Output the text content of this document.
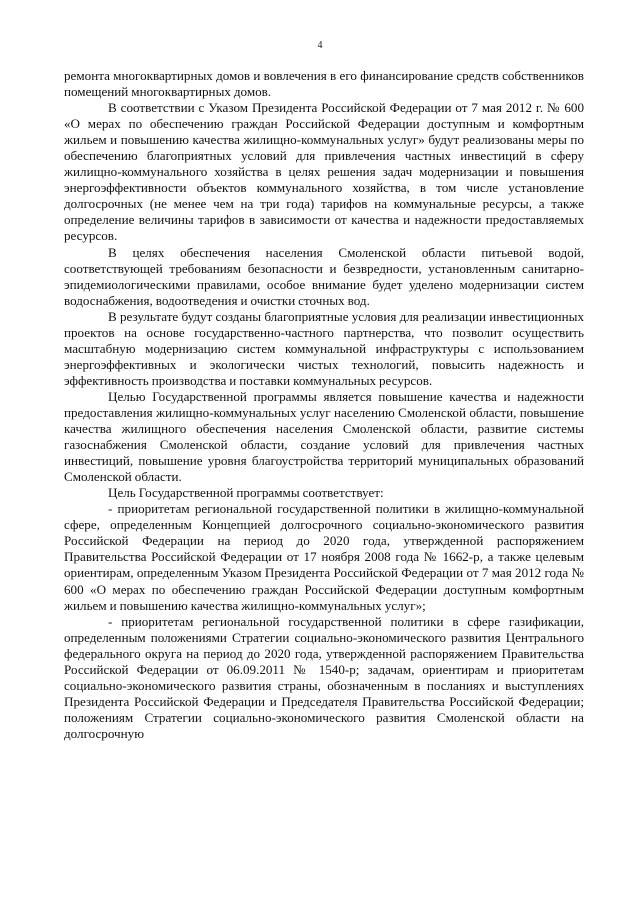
4

ремонта многоквартирных домов и вовлечения в его финансирование средств собственников помещений многоквартирных домов.

В соответствии с Указом Президента Российской Федерации от 7 мая 2012 г. № 600 «О мерах по обеспечению граждан Российской Федерации доступным и комфортным жильем и повышению качества жилищно-коммунальных услуг» будут реализованы меры по обеспечению благоприятных условий для привлечения частных инвестиций в сферу жилищно-коммунального хозяйства в целях решения задач модернизации и повышения энергоэффективности объектов коммунального хозяйства, в том числе установление долгосрочных (не менее чем на три года) тарифов на коммунальные ресурсы, а также определение величины тарифов в зависимости от качества и надежности предоставляемых ресурсов.

В целях обеспечения населения Смоленской области питьевой водой, соответствующей требованиям безопасности и безвредности, установленным санитарно-эпидемиологическими правилами, особое внимание будет уделено модернизации систем водоснабжения, водоотведения и очистки сточных вод.

В результате будут созданы благоприятные условия для реализации инвестиционных проектов на основе государственно-частного партнерства, что позволит осуществить масштабную модернизацию систем коммунальной инфраструктуры с использованием энергоэффективных и экологически чистых технологий, повысить надежность и эффективность производства и поставки коммунальных ресурсов.

Целью Государственной программы является повышение качества и надежности предоставления жилищно-коммунальных услуг населению Смоленской области, повышение качества жилищного обеспечения населения Смоленской области, развитие системы газоснабжения Смоленской области, создание условий для привлечения частных инвестиций, повышение уровня благоустройства территорий муниципальных образований Смоленской области.

Цель Государственной программы соответствует:

- приоритетам региональной государственной политики в жилищно-коммунальной сфере, определенным Концепцией долгосрочного социально-экономического развития Российской Федерации на период до 2020 года, утвержденной распоряжением Правительства Российской Федерации от 17 ноября 2008 года № 1662-р, а также целевым ориентирам, определенным Указом Президента Российской Федерации от 7 мая 2012 года № 600 «О мерах по обеспечению граждан Российской Федерации доступным комфортным жильем и повышению качества жилищно-коммунальных услуг»;

- приоритетам региональной государственной политики в сфере газификации, определенным положениями Стратегии социально-экономического развития Центрального федерального округа на период до 2020 года, утвержденной распоряжением Правительства Российской Федерации от 06.09.2011 № 1540-р; задачам, ориентирам и приоритетам социально-экономического развития страны, обозначенным в посланиях и выступлениях Президента Российской Федерации и Председателя Правительства Российской Федерации; положениям Стратегии социально-экономического развития Смоленской области на долгосрочную
